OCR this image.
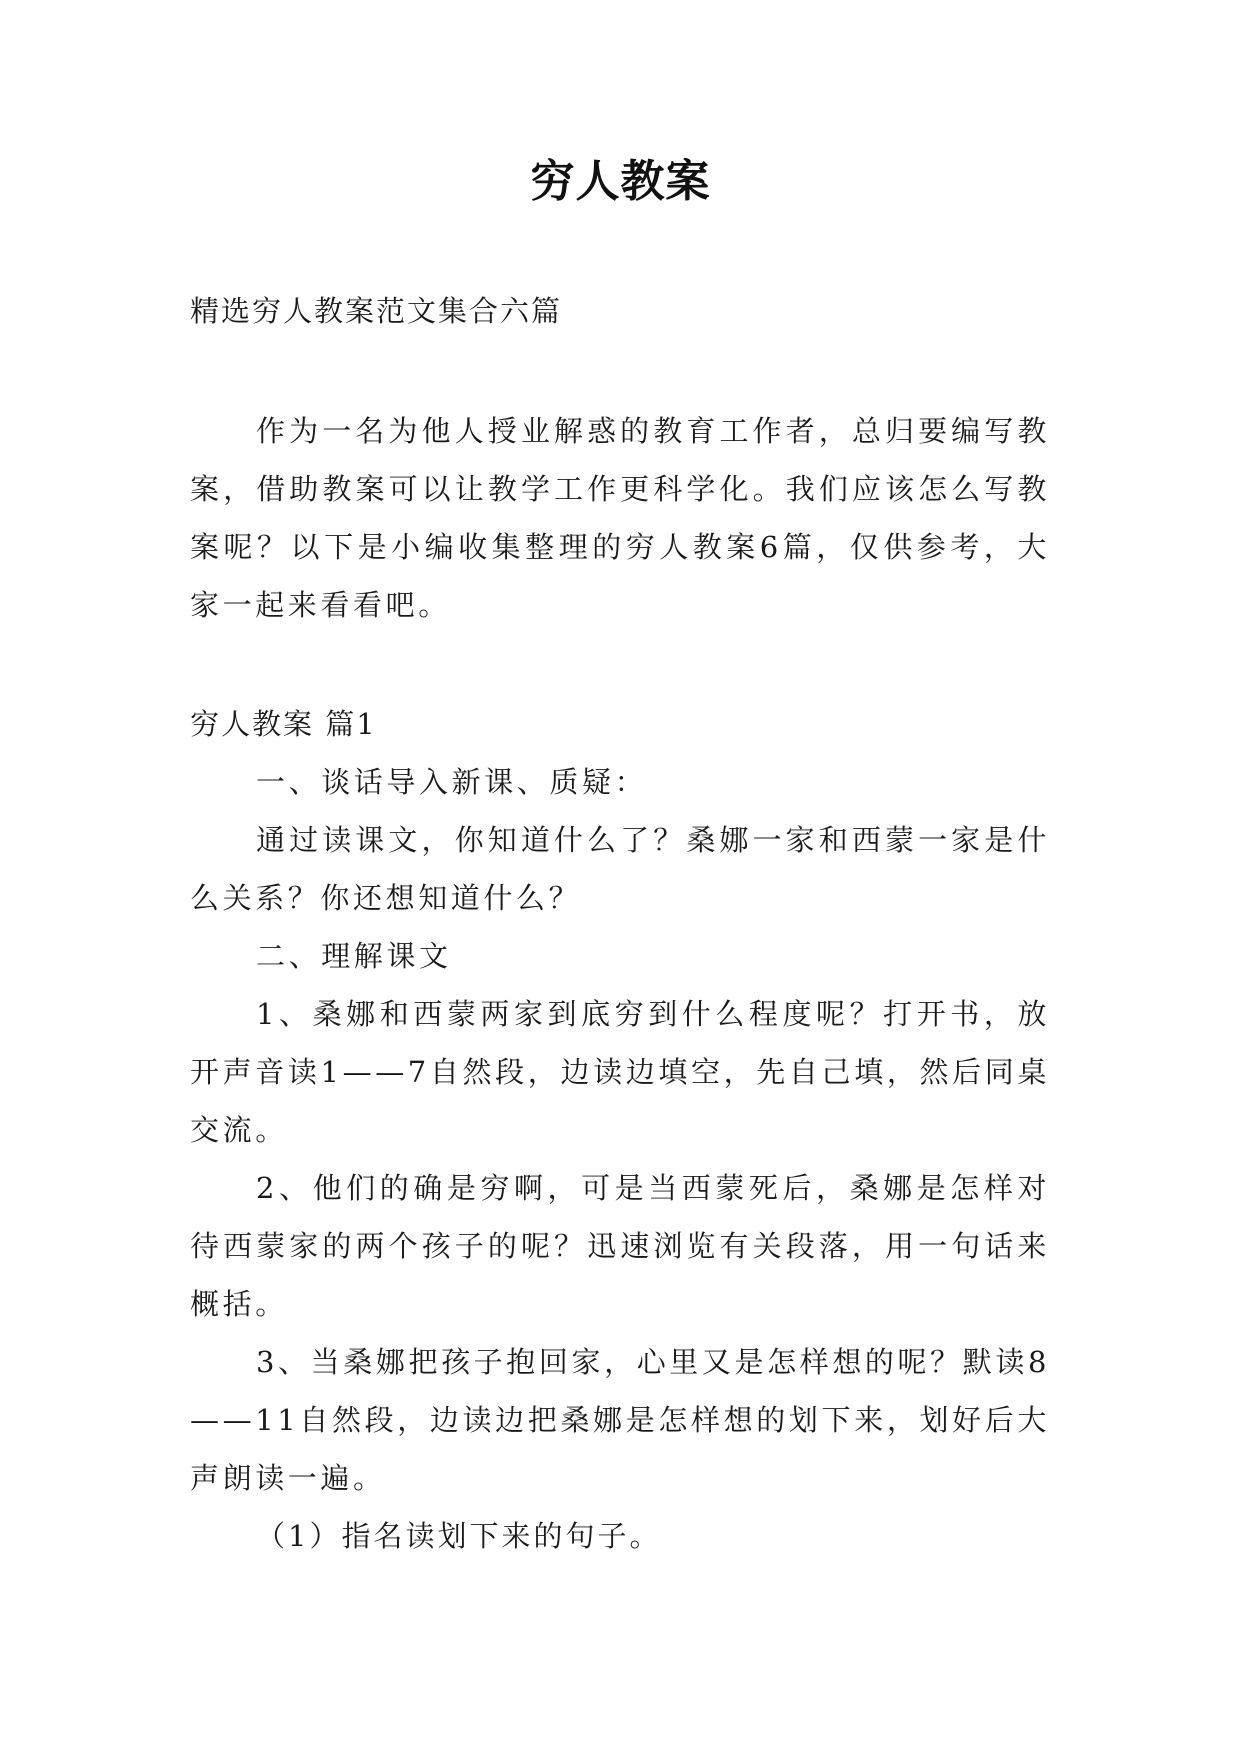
穷人教案
精选穷人教案范文集合六篇

作为一名为他人授业解惑的教育工作者，总归要编写教案，借助教案可以让教学工作更科学化。我们应该怎么写教案呢？以下是小编收集整理的穷人教案6篇，仅供参考，大家一起来看看吧。

穷人教案 篇1

一、谈话导入新课、质疑：

通过读课文，你知道什么了？桑娜一家和西蒙一家是什么关系？你还想知道什么？

二、理解课文

1、桑娜和西蒙两家到底穷到什么程度呢？打开书，放开声音读1——7自然段，边读边填空，先自己填，然后同桌交流。

2、他们的确是穷啊，可是当西蒙死后，桑娜是怎样对待西蒙家的两个孩子的呢？迅速浏览有关段落，用一句话来概括。

3、当桑娜把孩子抱回家，心里又是怎样想的呢？默读8——11自然段，边读边把桑娜是怎样想的划下来，划好后大声朗读一遍。

（1）指名读划下来的句子。
